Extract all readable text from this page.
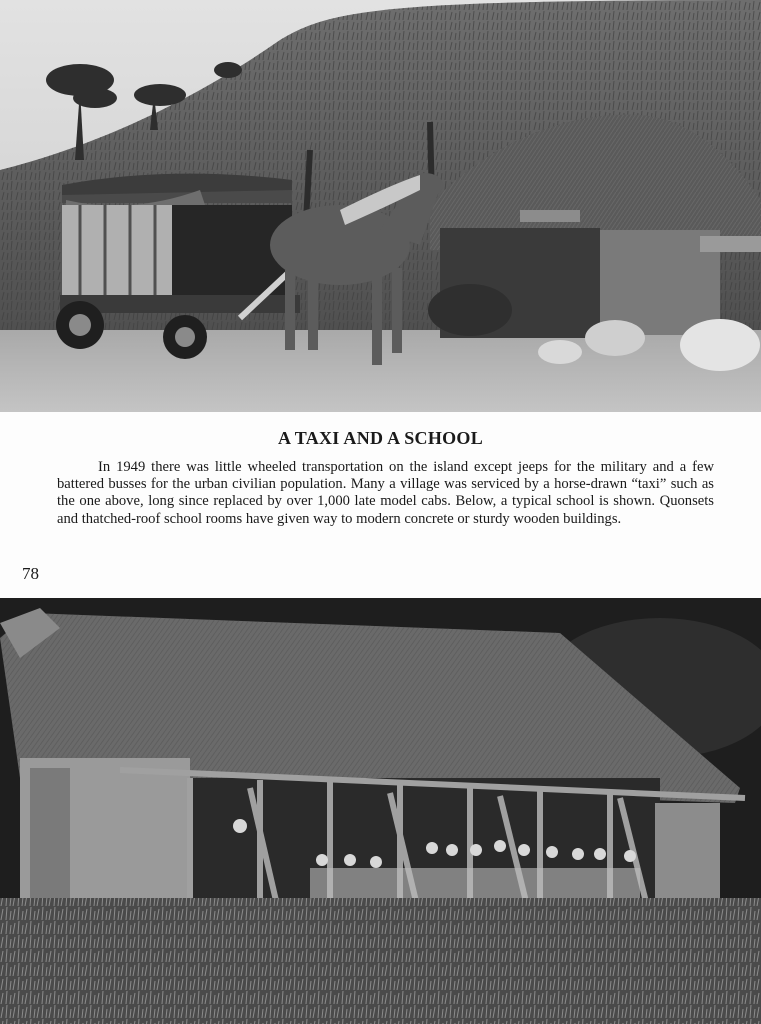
A TAXI AND A SCHOOL

In 1949 there was little wheeled transportation on the island except jeeps for the military and a few battered busses for the urban civilian population. Many a village was serviced by a horse-drawn “taxi” such as the one above, long since replaced by over 1,000 late model cabs. Below, a typical school is shown. Quonsets and thatched-roof school rooms have given way to modern concrete or sturdy wooden buildings.

78
